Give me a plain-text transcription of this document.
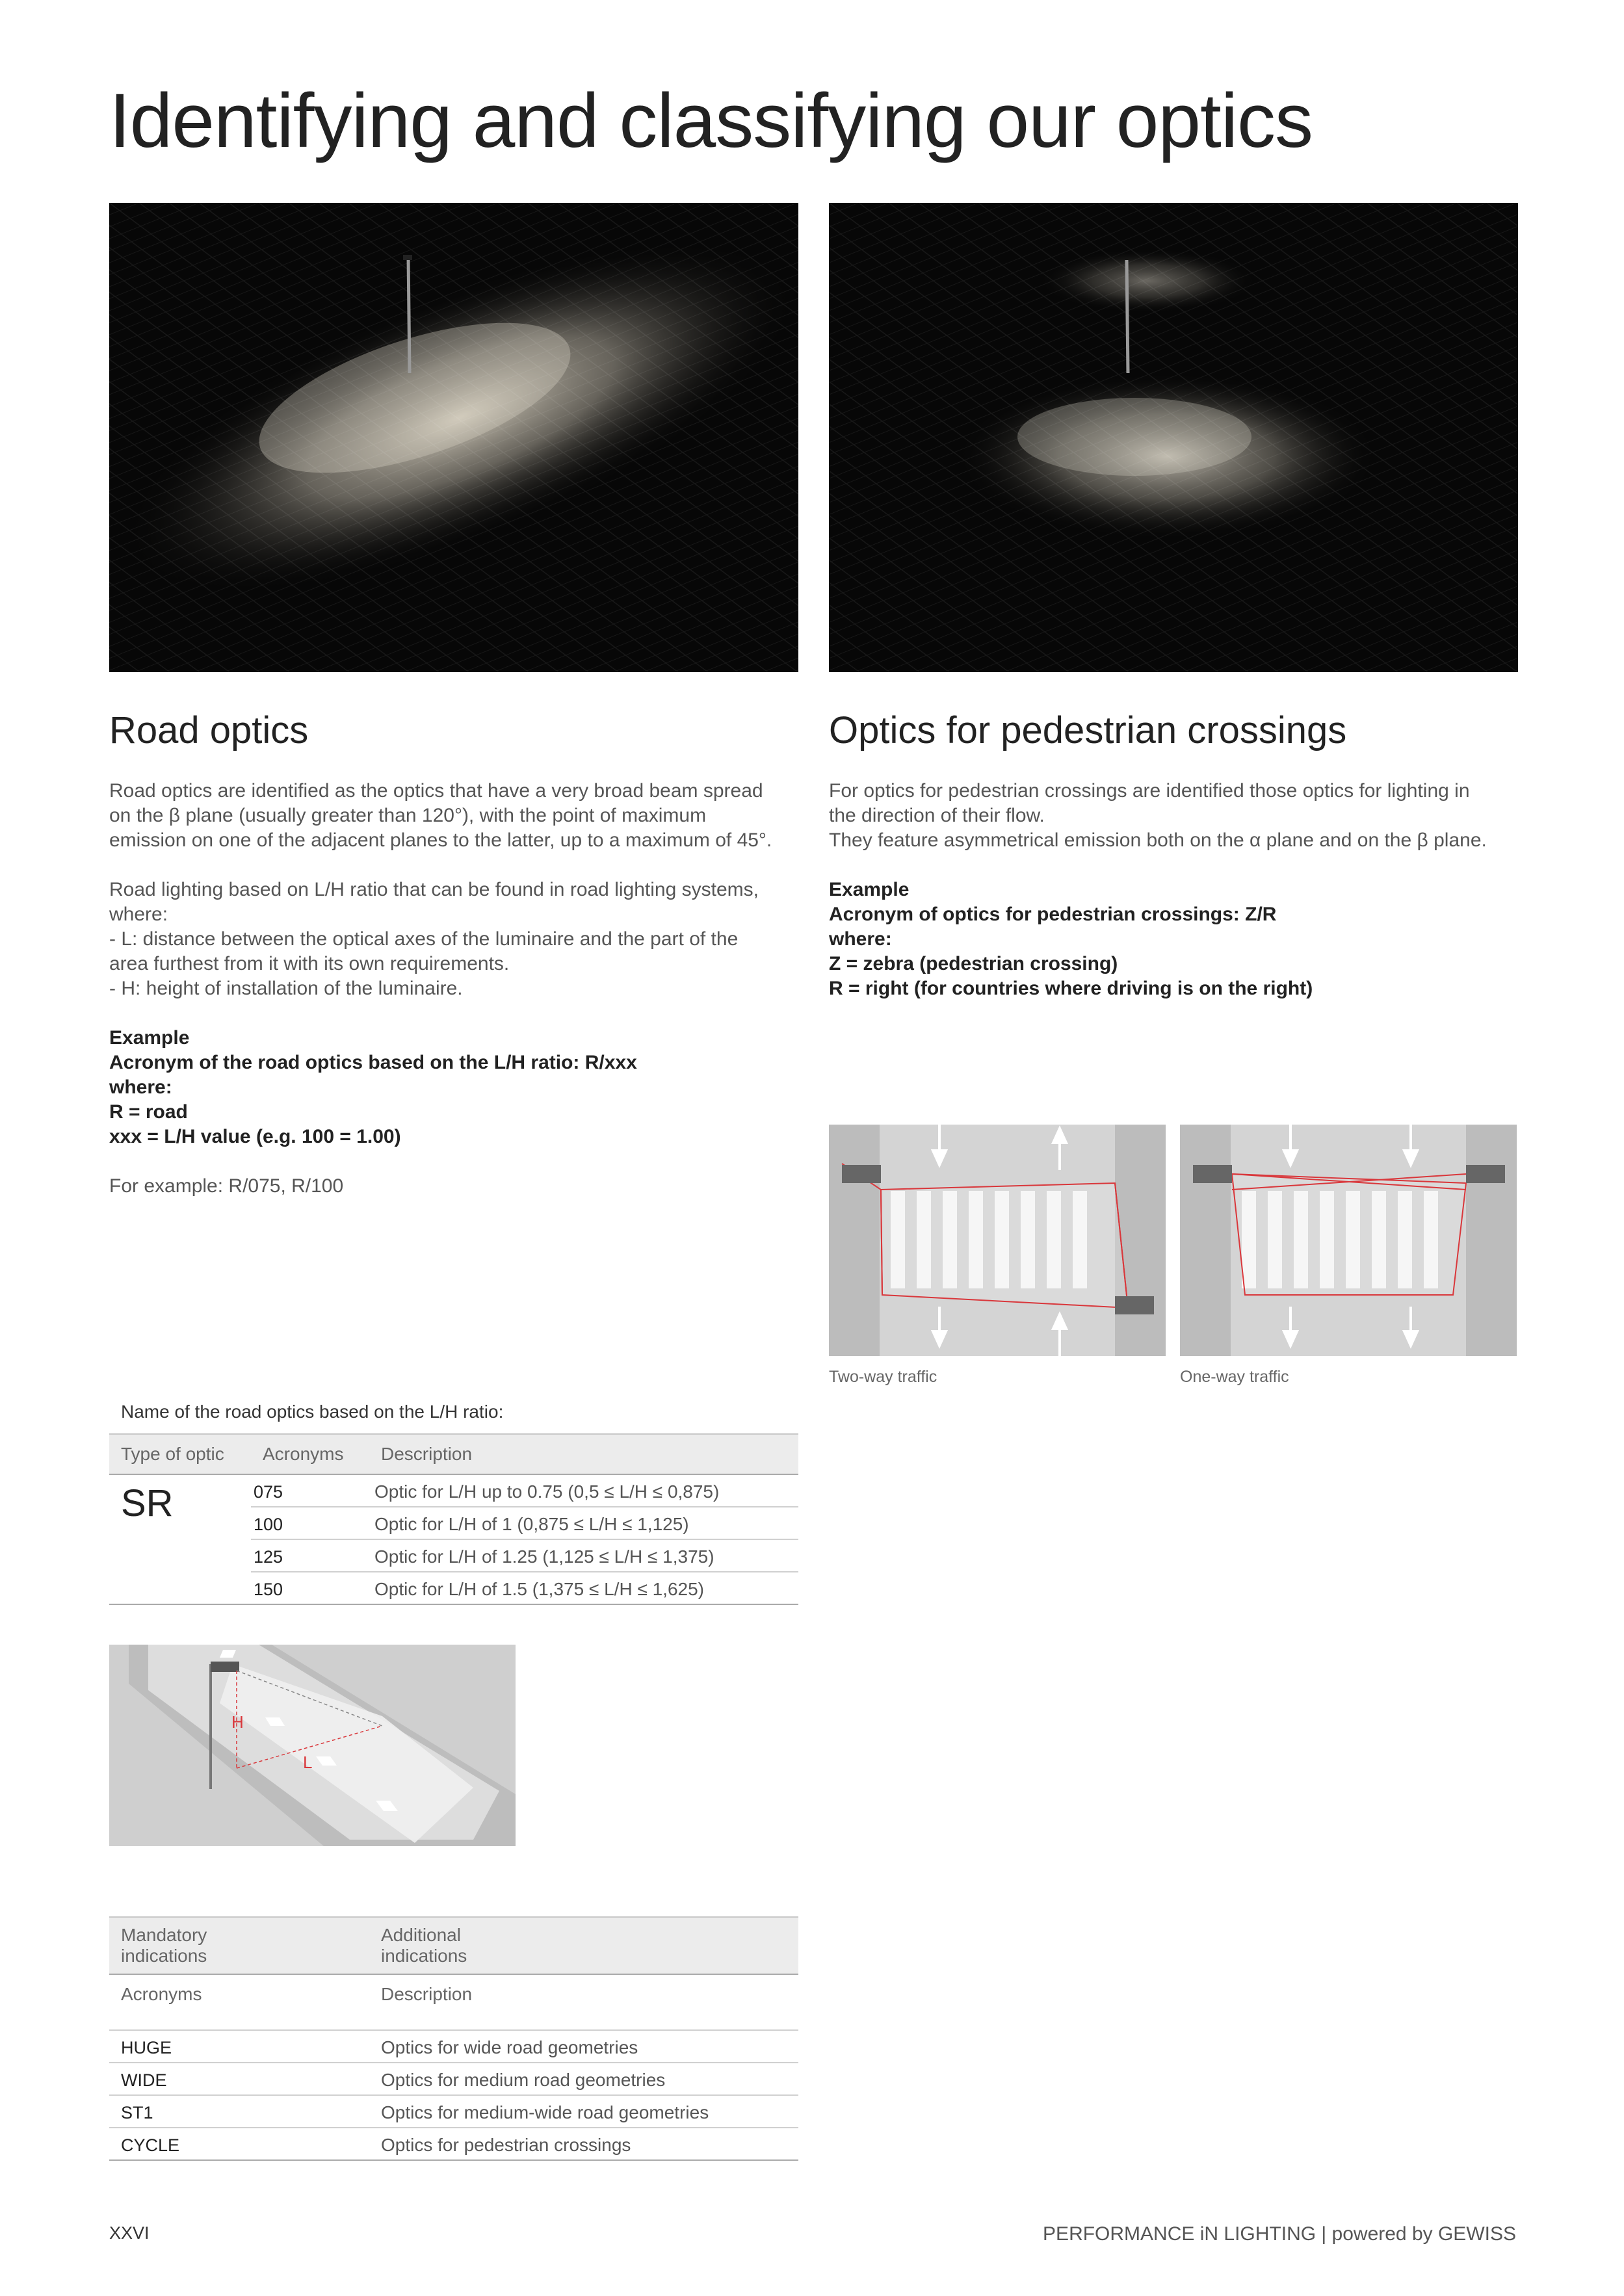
Identifying and classifying our optics
Road optics
Road optics are identified as the optics that have a very broad beam spread
on the β plane (usually greater than 120°), with the point of maximum
emission on one of the adjacent planes to the latter, up to a maximum of 45°.
Road lighting based on L/H ratio that can be found in road lighting systems,
where:
- L: distance between the optical axes of the luminaire and the part of the
area furthest from it with its own requirements.
- H: height of installation of the luminaire.
Example
Acronym of the road optics based on the L/H ratio: R/xxx
where:
R = road
xxx = L/H value (e.g. 100 = 1.00)
For example: R/075, R/100
Optics for pedestrian crossings
For optics for pedestrian crossings are identified those optics for lighting in
the direction of their flow.
They feature asymmetrical emission both on the α plane and on the β plane.
Example
Acronym of optics for pedestrian crossings: Z/R
where:
Z = zebra (pedestrian crossing)
R = right (for countries where driving is on the right)
Two-way traffic	One-way traffic
Name of the road optics based on the L/H ratio:
Type of optic	Acronyms	Description
SR	075	Optic for L/H up to 0.75 (0,5 ≤ L/H ≤ 0,875)
	100	Optic for L/H of 1 (0,875 ≤ L/H ≤ 1,125)
	125	Optic for L/H of 1.25 (1,125 ≤ L/H ≤ 1,375)
	150	Optic for L/H of 1.5 (1,375 ≤ L/H ≤ 1,625)
H
L
Mandatory indications	Additional indications

Acronyms	Description
HUGE	Optics for wide road geometries
WIDE	Optics for medium road geometries
ST1	Optics for medium-wide road geometries
CYCLE	Optics for pedestrian crossings
XXVI	PERFORMANCE iN LIGHTING | powered by GEWISS
